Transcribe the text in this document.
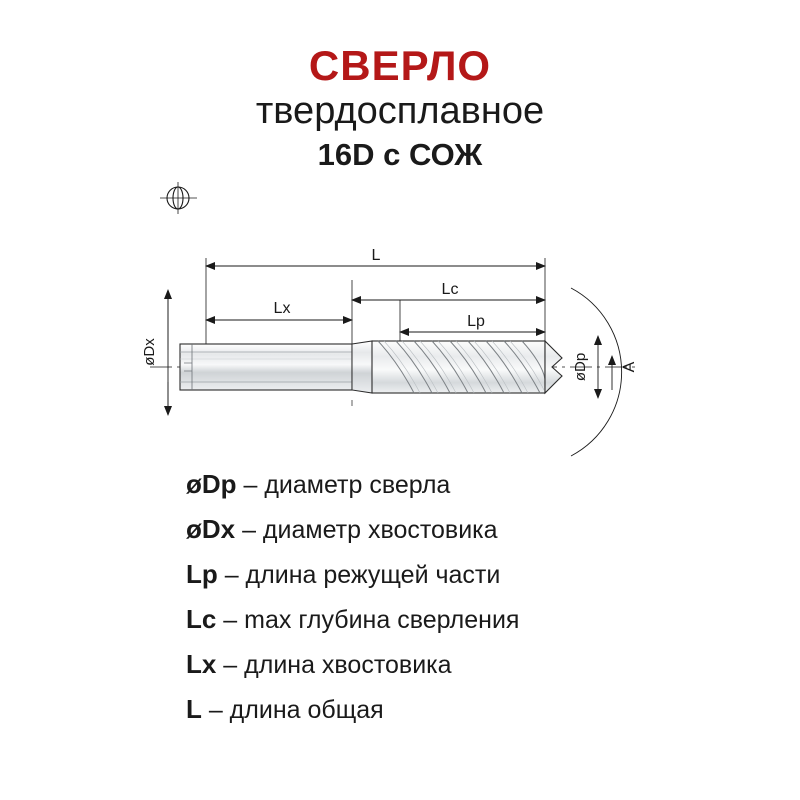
СВЕРЛО
твердосплавное
16D с СОЖ
L
Lc
Lx
Lp
øDx
øDp A
øDp – диаметр сверла
øDx – диаметр хвостовика
Lp – длина режущей части
Lc – max глубина сверления
Lx – длина хвостовика
L – длина общая
